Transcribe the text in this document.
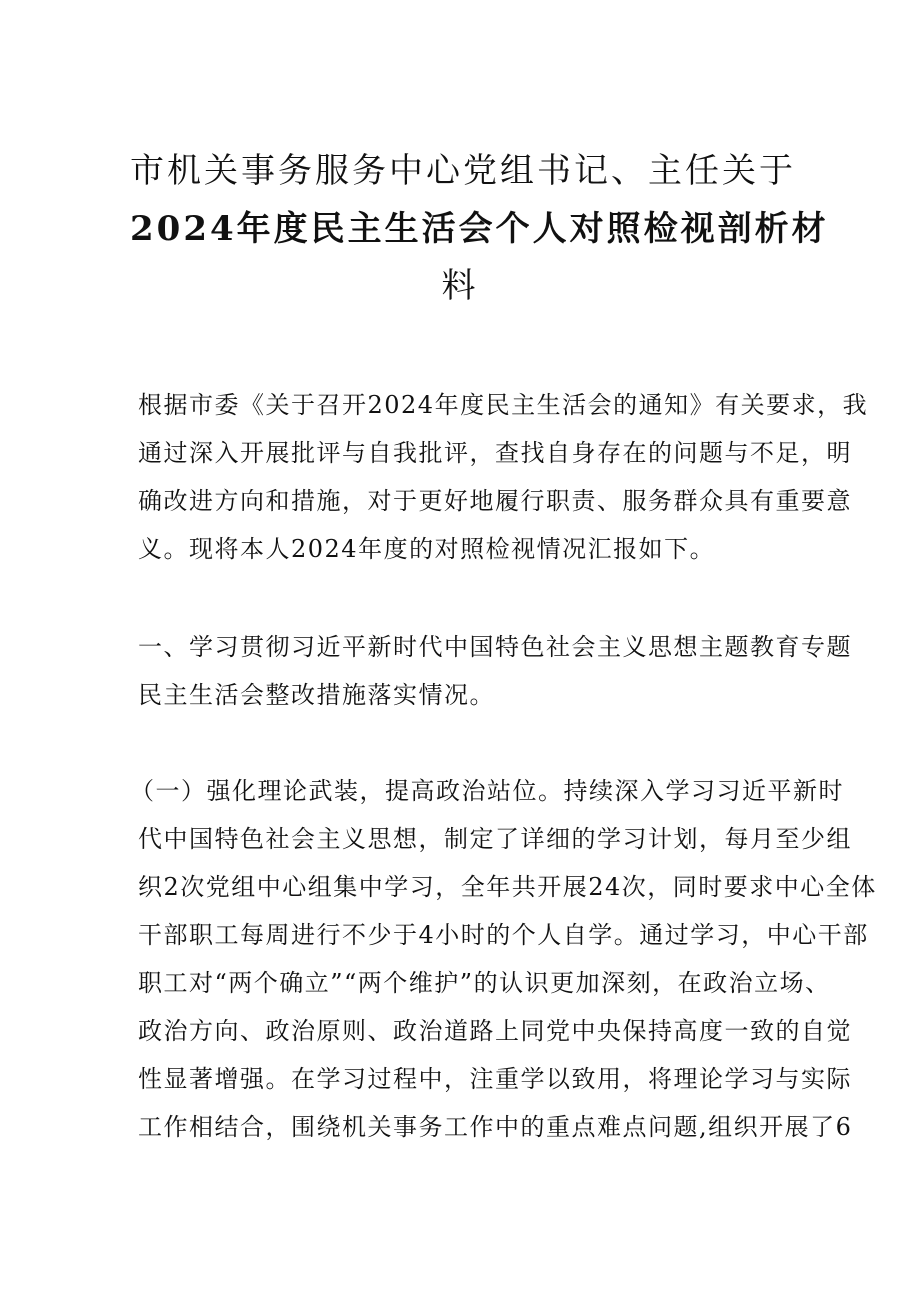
市机关事务服务中心党组书记、主任关于
2024年度民主生活会个人对照检视剖析材
料

根据市委《关于召开2024年度民主生活会的通知》有关要求，我

通过深入开展批评与自我批评，查找自身存在的问题与不足，明

确改进方向和措施，对于更好地履行职责、服务群众具有重要意

义。现将本人2024年度的对照检视情况汇报如下。

一、学习贯彻习近平新时代中国特色社会主义思想主题教育专题

民主生活会整改措施落实情况。

（一）强化理论武装，提高政治站位。持续深入学习习近平新时

代中国特色社会主义思想，制定了详细的学习计划，每月至少组

织2次党组中心组集中学习，全年共开展24次，同时要求中心全体

干部职工每周进行不少于4小时的个人自学。通过学习，中心干部

职工对“两个确立”“两个维护”的认识更加深刻，在政治立场、

政治方向、政治原则、政治道路上同党中央保持高度一致的自觉

性显著增强。在学习过程中，注重学以致用，将理论学习与实际

工作相结合，围绕机关事务工作中的重点难点问题,组织开展了6
